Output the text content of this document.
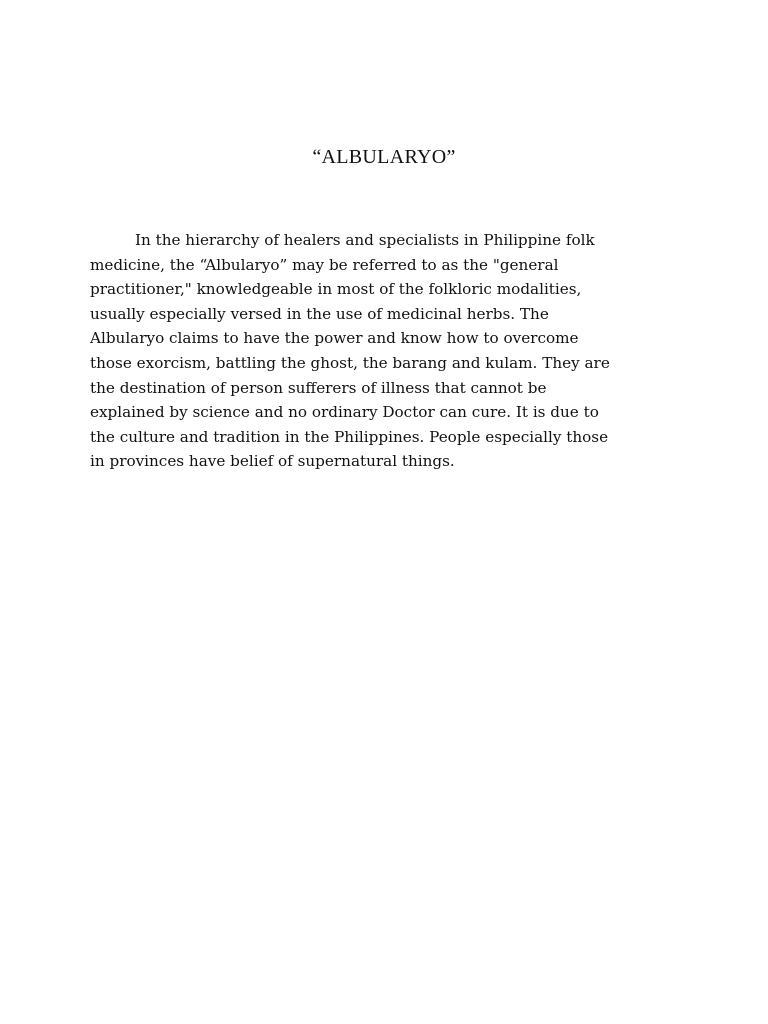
“ALBULARYO”
In the hierarchy of healers and specialists in Philippine folk
medicine, the “Albularyo” may be referred to as the "general
practitioner," knowledgeable in most of the folkloric modalities,
usually especially versed in the use of medicinal herbs. The
Albularyo claims to have the power and know how to overcome
those exorcism, battling the ghost, the barang and kulam. They are
the destination of person sufferers of illness that cannot be
explained by science and no ordinary Doctor can cure. It is due to
the culture and tradition in the Philippines. People especially those
in provinces have belief of supernatural things.
